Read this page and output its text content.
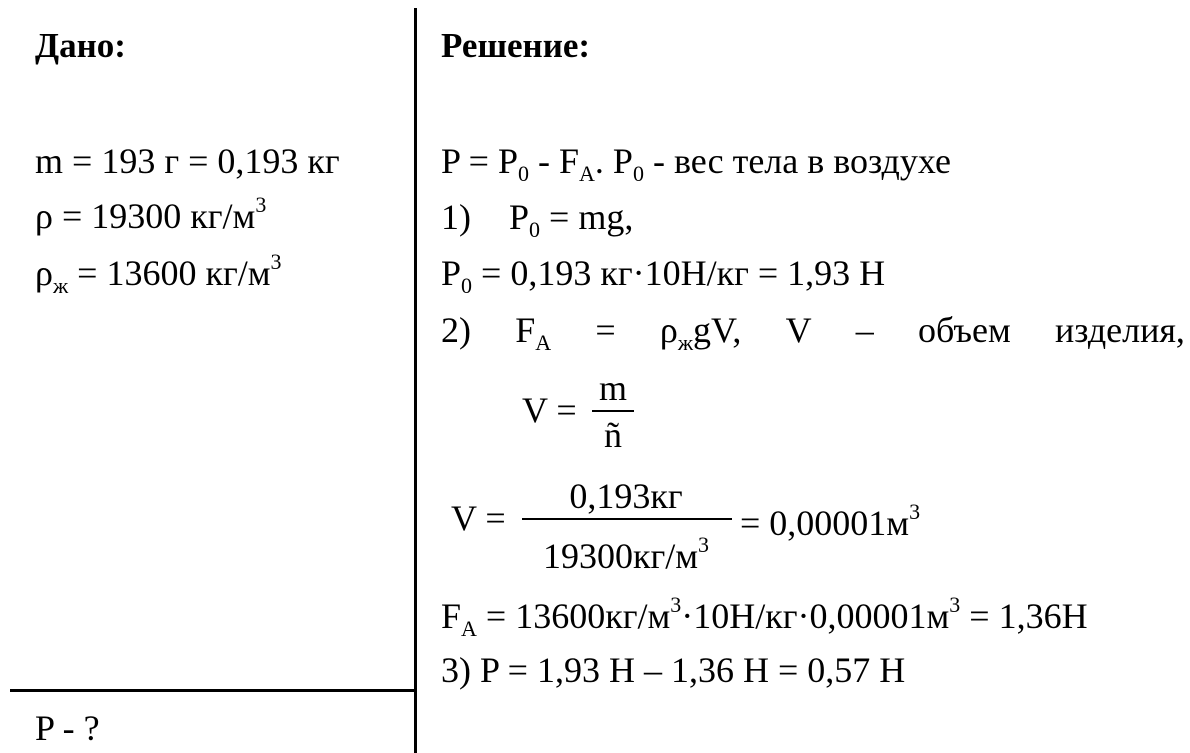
Дано:	Решение:
m = 193 г = 0,193 кг
ρ = 19300 $кг/м^3$
$\rho_ж = 13600$ $кг/м^3$
P - ?
$P = P_0 - F_A$. $P_0$ - вес тела в воздухе
1) $P_0$ = mg,
$P_0 = 0,193$ кг·10Н/кг = 1,93 Н
2) $F_A = \rho_жgV$, V – объем изделия,
V =
m
ñ
V =
0,193кг
$19300кг/м^3$
= $0,00001м^3$
$F_A = 13600кг/м^3\cdot 10Н/кг\cdot 0,00001м^3 = 1,36Н$
3) P = 1,93 Н – 1,36 Н = 0,57 Н
